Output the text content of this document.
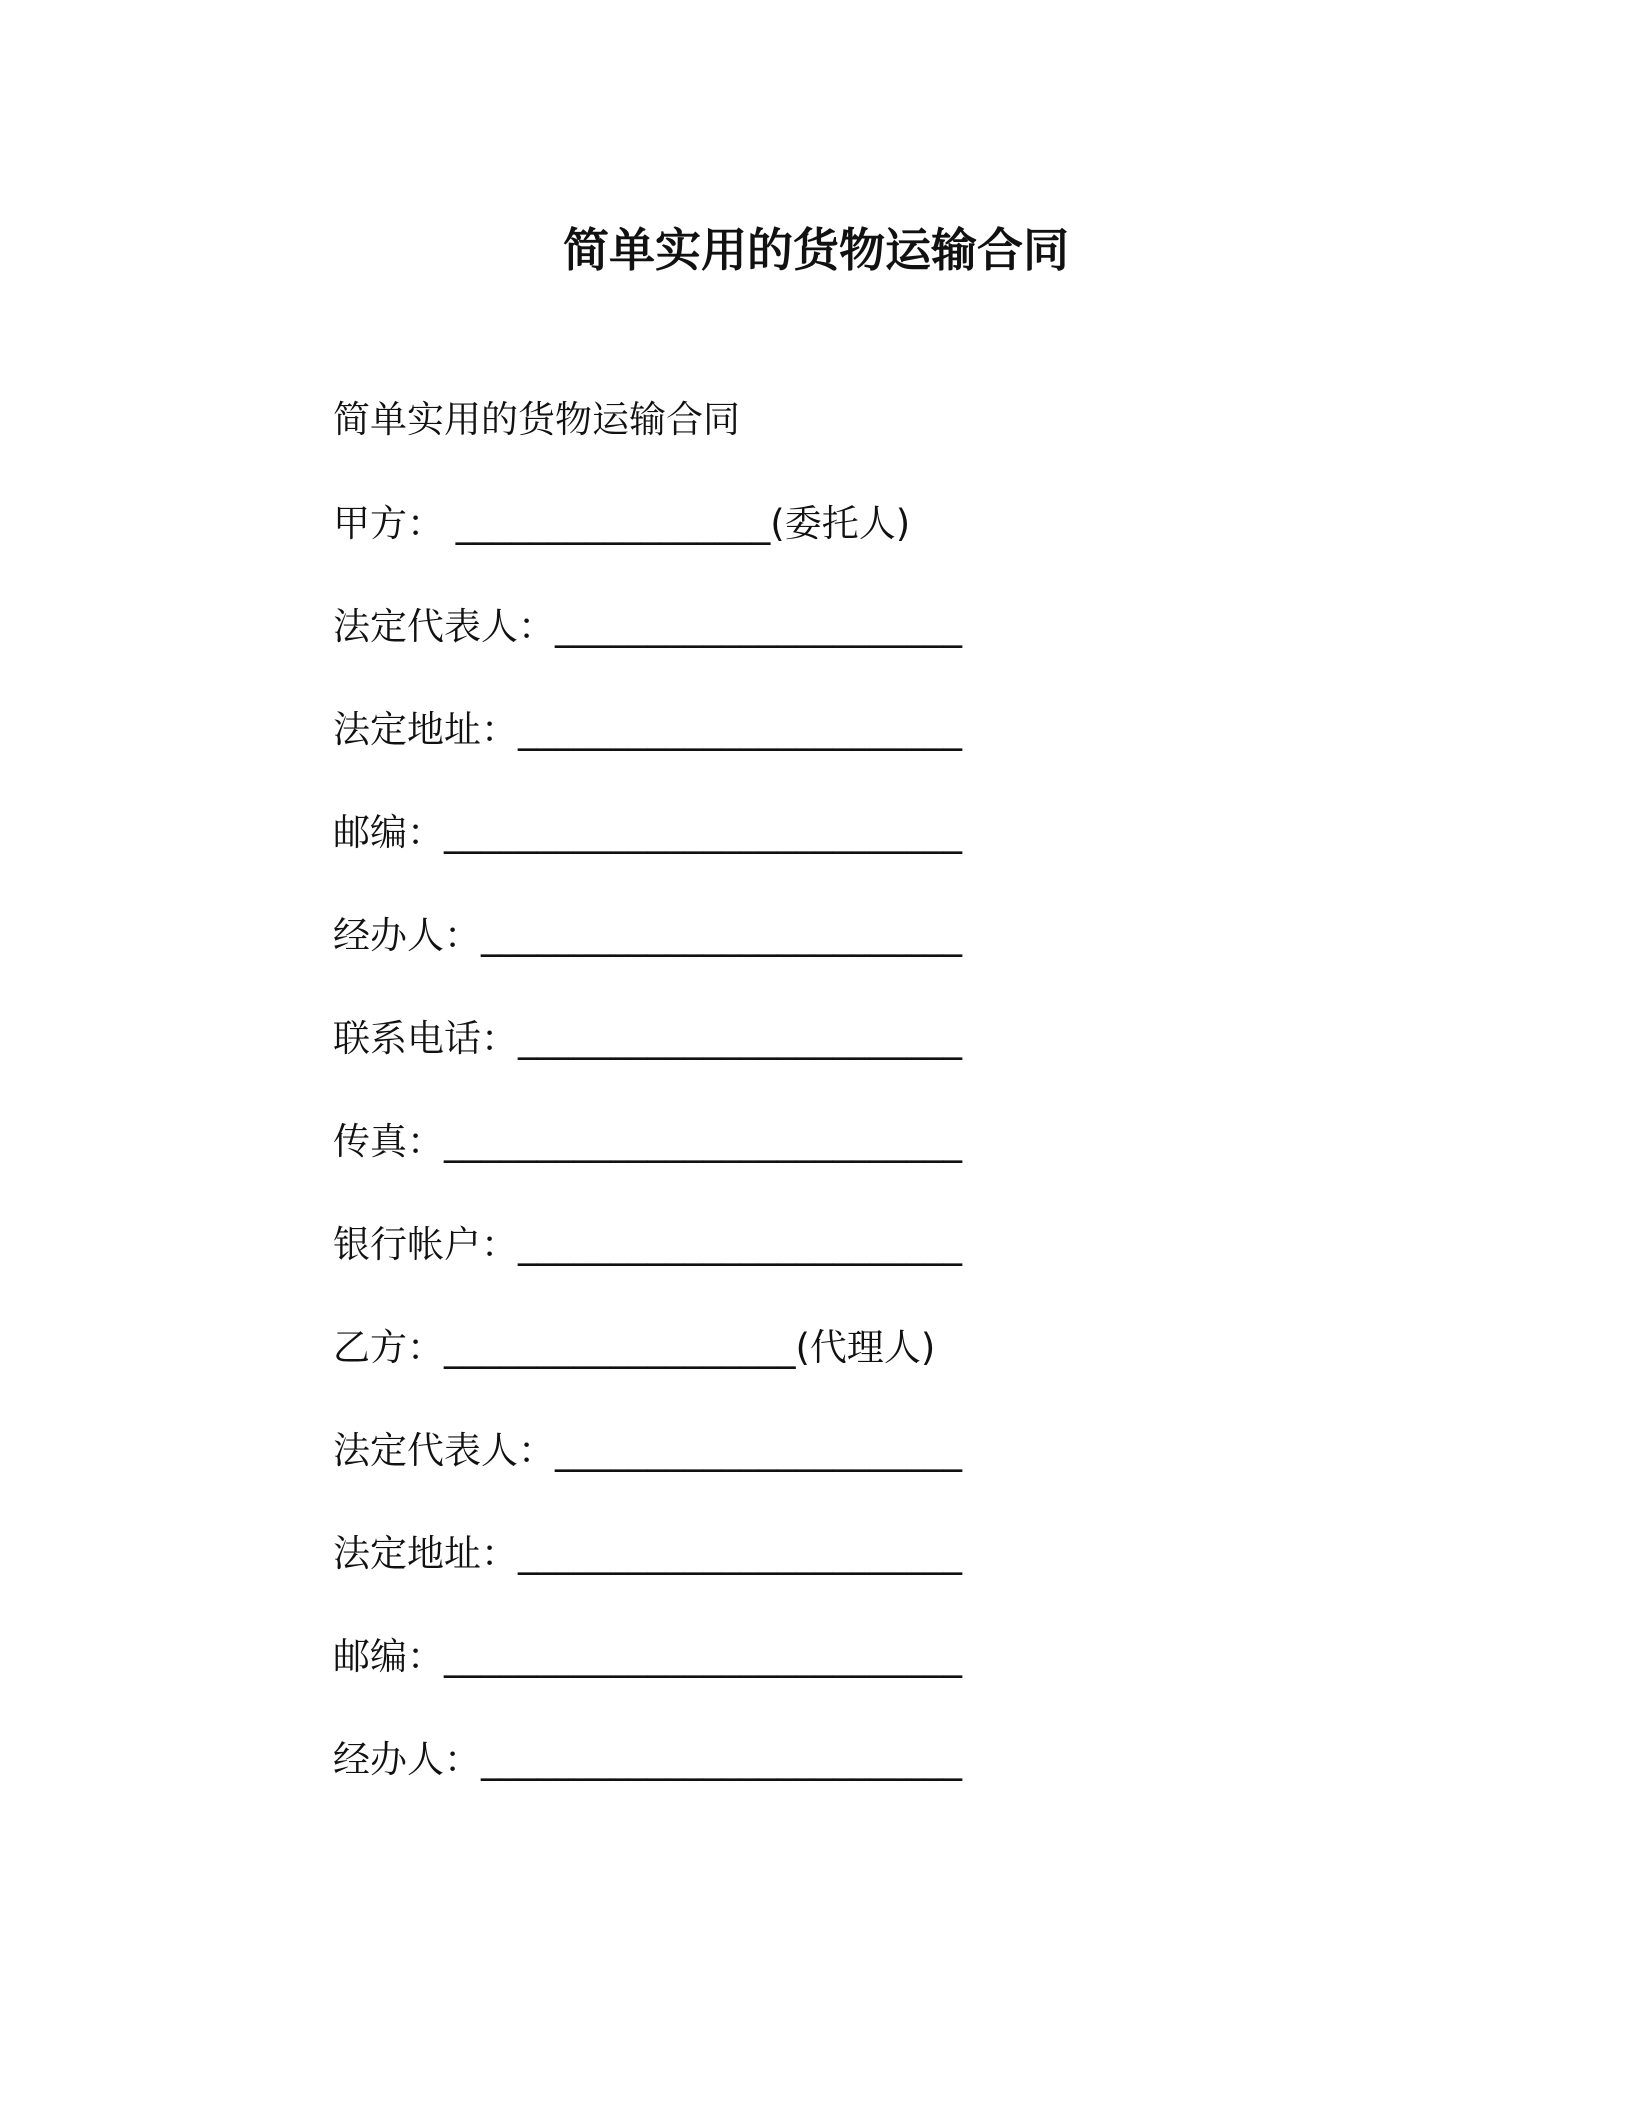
简单实用的货物运输合同
简单实用的货物运输合同
甲方： _________________(委托人)
法定代表人：______________________
法定地址：________________________
邮编：____________________________
经办人：__________________________
联系电话：________________________
传真：____________________________
银行帐户：________________________
乙方：___________________(代理人)
法定代表人：______________________
法定地址：________________________
邮编：____________________________
经办人：__________________________
